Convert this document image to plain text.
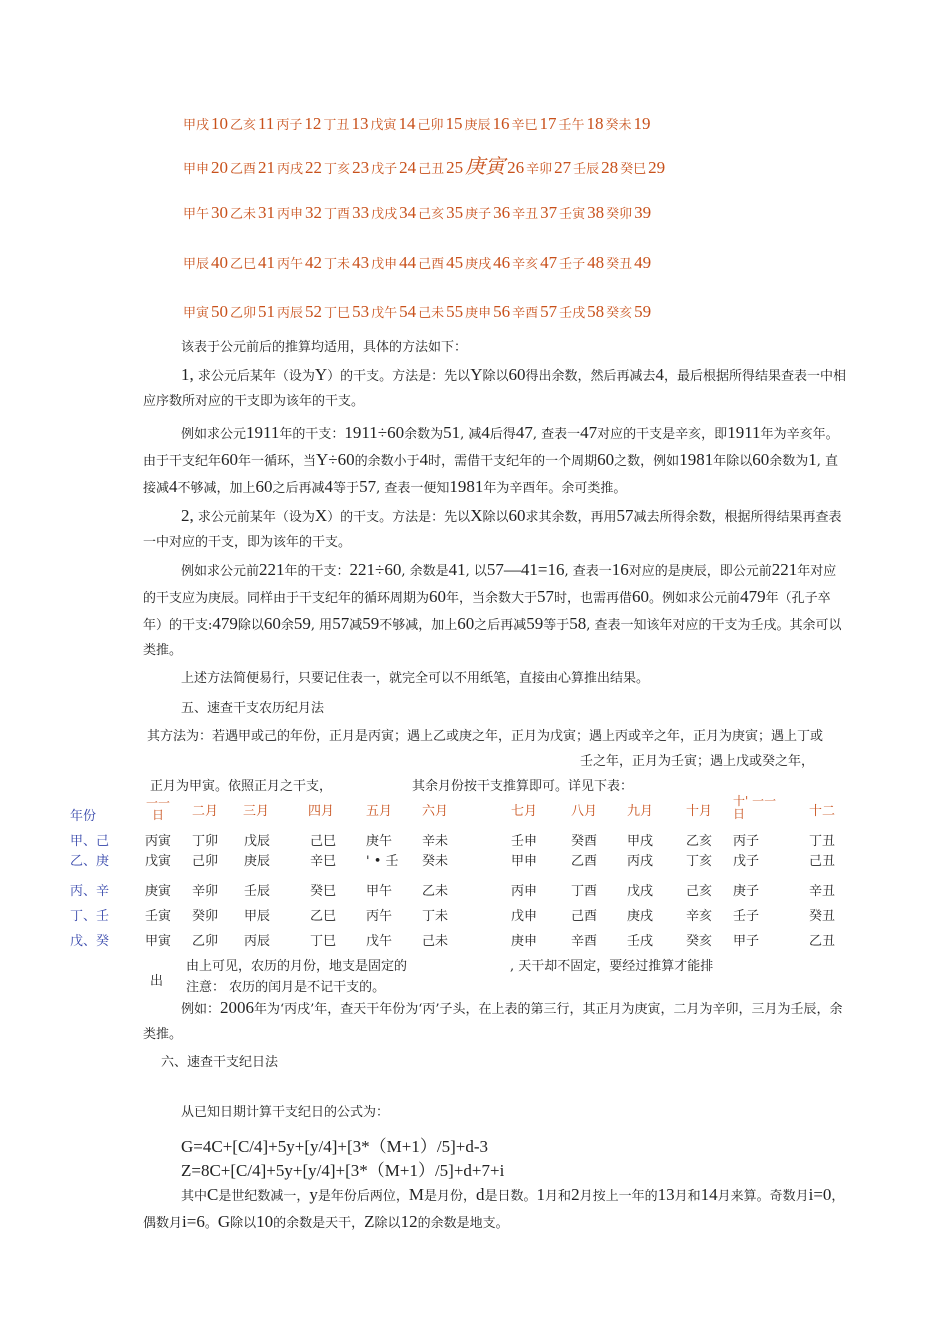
甲戌 10 乙亥 11 丙子 12 丁丑 13 戊寅 14 己卯 15 庚辰 16 辛巳 17 壬午 18 癸未 19
甲申 20 乙酉 21 丙戌 22 丁亥 23 戊子 24 己丑 25 庚寅 26 辛卯 27 壬辰 28 癸巳 29
甲午 30 乙未 31 丙申 32 丁酉 33 戊戌 34 己亥 35 庚子 36 辛丑 37 壬寅 38 癸卯 39
甲辰 40 乙巳 41 丙午 42 丁未 43 戊申 44 己酉 45 庚戌 46 辛亥 47 壬子 48 癸丑 49
甲寅 50 乙卯 51 丙辰 52 丁巳 53 戊午 54 己未 55 庚申 56 辛酉 57 壬戌 58 癸亥 59
该表于公元前后的推算均适用，具体的方法如下：
1, 求公元后某年（设为Y）的干支。方法是：先以Y除以60得出余数，然后再减去4，最后根据所得结果查表一中相应序数所对应的干支即为该年的干支。
例如求公元1911年的干支：1911÷60余数为51, 减4后得47, 查表一47对应的干支是辛亥，即1911年为辛亥年。由于干支纪年60年一循环，当Y÷60的余数小于4时，需借干支纪年的一个周期60之数，例如1981年除以60余数为1, 直接减4不够减，加上60之后再减4等于57, 查表一便知1981年为辛酉年。余可类推。
2, 求公元前某年（设为X）的干支。方法是：先以X除以60求其余数，再用57减去所得余数，根据所得结果再查表一中对应的干支，即为该年的干支。
例如求公元前221年的干支：221÷60, 余数是41, 以57—41=16, 查表一16对应的是庚辰，即公元前221年对应的干支应为庚辰。同样由于干支纪年的循环周期为60年，当余数大于57时，也需再借60。例如求公元前479年（孔子卒年）的干支:479除以60余59, 用57减59不够减，加上60之后再减59等于58, 查表一知该年对应的干支为壬戌。其余可以类推。
上述方法简便易行，只要记住表一，就完全可以不用纸笔，直接由心算推出结果。
五、速查干支农历纪月法
其方法为：若遇甲或己的年份，正月是丙寅；遇上乙或庚之年，正月为戊寅；遇上丙或辛之年，正月为庚寅；遇上丁或
壬之年，正月为壬寅；遇上戊或癸之年，
正月为甲寅。依照正月之干支，	其余月份按干支推算即可。详见下表：
年份
一一日	二月 三月	四月 五月 六月	七月	八月 九月	十月
十' 一一日	十二
甲、己	丙寅 丁卯 戊辰	己巳 庚午 辛未	壬申	癸酉 甲戌	乙亥 丙子	丁丑
乙、庚	戊寅 己卯 庚辰	辛巳 ' • 壬 癸未	甲申	乙酉 丙戌	丁亥 戊子	己丑
丙、辛	庚寅 辛卯 壬辰	癸巳 甲午 乙未	丙申	丁酉 戊戌	己亥 庚子	辛丑
丁、壬	壬寅 癸卯 甲辰	乙巳 丙午 丁未	戊申	己酉 庚戌	辛亥 壬子	癸丑
戊、癸	甲寅 乙卯 丙辰	丁巳 戊午 己未	庚申	辛酉 壬戌	癸亥 甲子	乙丑
由上可见，农历的月份，地支是固定的	, 天干却不固定，要经过推算才能排
出 注意： 农历的闰月是不记干支的。
例如：2006年为‘丙戌’年，查天干年份为‘丙’子头，在上表的第三行，其正月为庚寅，二月为辛卯，三月为壬辰，余类推。
六、速查干支纪日法
从已知日期计算干支纪日的公式为：
G=4C+[C/4]+5y+[y/4]+[3*（M+1）/5]+d-3
Z=8C+[C/4]+5y+[y/4]+[3*（M+1）/5]+d+7+i
其中C是世纪数减一，y是年份后两位，M是月份，d是日数。1月和2月按上一年的13月和14月来算。奇数月i=0，偶数月i=6。G除以10的余数是天干，Z除以12的余数是地支。
